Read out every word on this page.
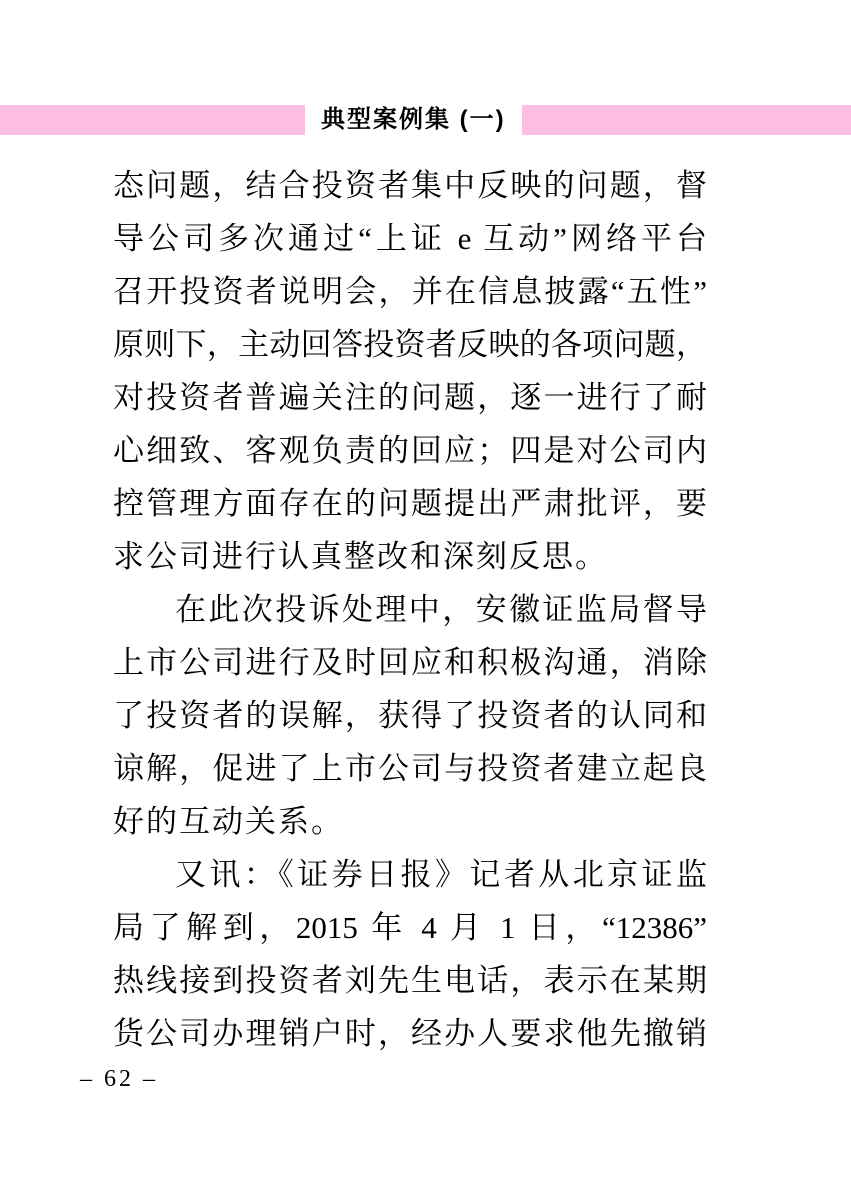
典型案例集 (一)
态问题，结合投资者集中反映的问题，督
导公司多次通过“上证 e 互动”网络平台
召开投资者说明会，并在信息披露“五性”
原则下，主动回答投资者反映的各项问题，
对投资者普遍关注的问题，逐一进行了耐
心细致、客观负责的回应；四是对公司内
控管理方面存在的问题提出严肃批评，要
求公司进行认真整改和深刻反思。
在此次投诉处理中，安徽证监局督导
上市公司进行及时回应和积极沟通，消除
了投资者的误解，获得了投资者的认同和
谅解，促进了上市公司与投资者建立起良
好的互动关系。
又讯：《证券日报》记者从北京证监
局了解到，2015 年 4 月 1 日，“12386”
热线接到投资者刘先生电话，表示在某期
货公司办理销户时，经办人要求他先撤销
– 62 –
